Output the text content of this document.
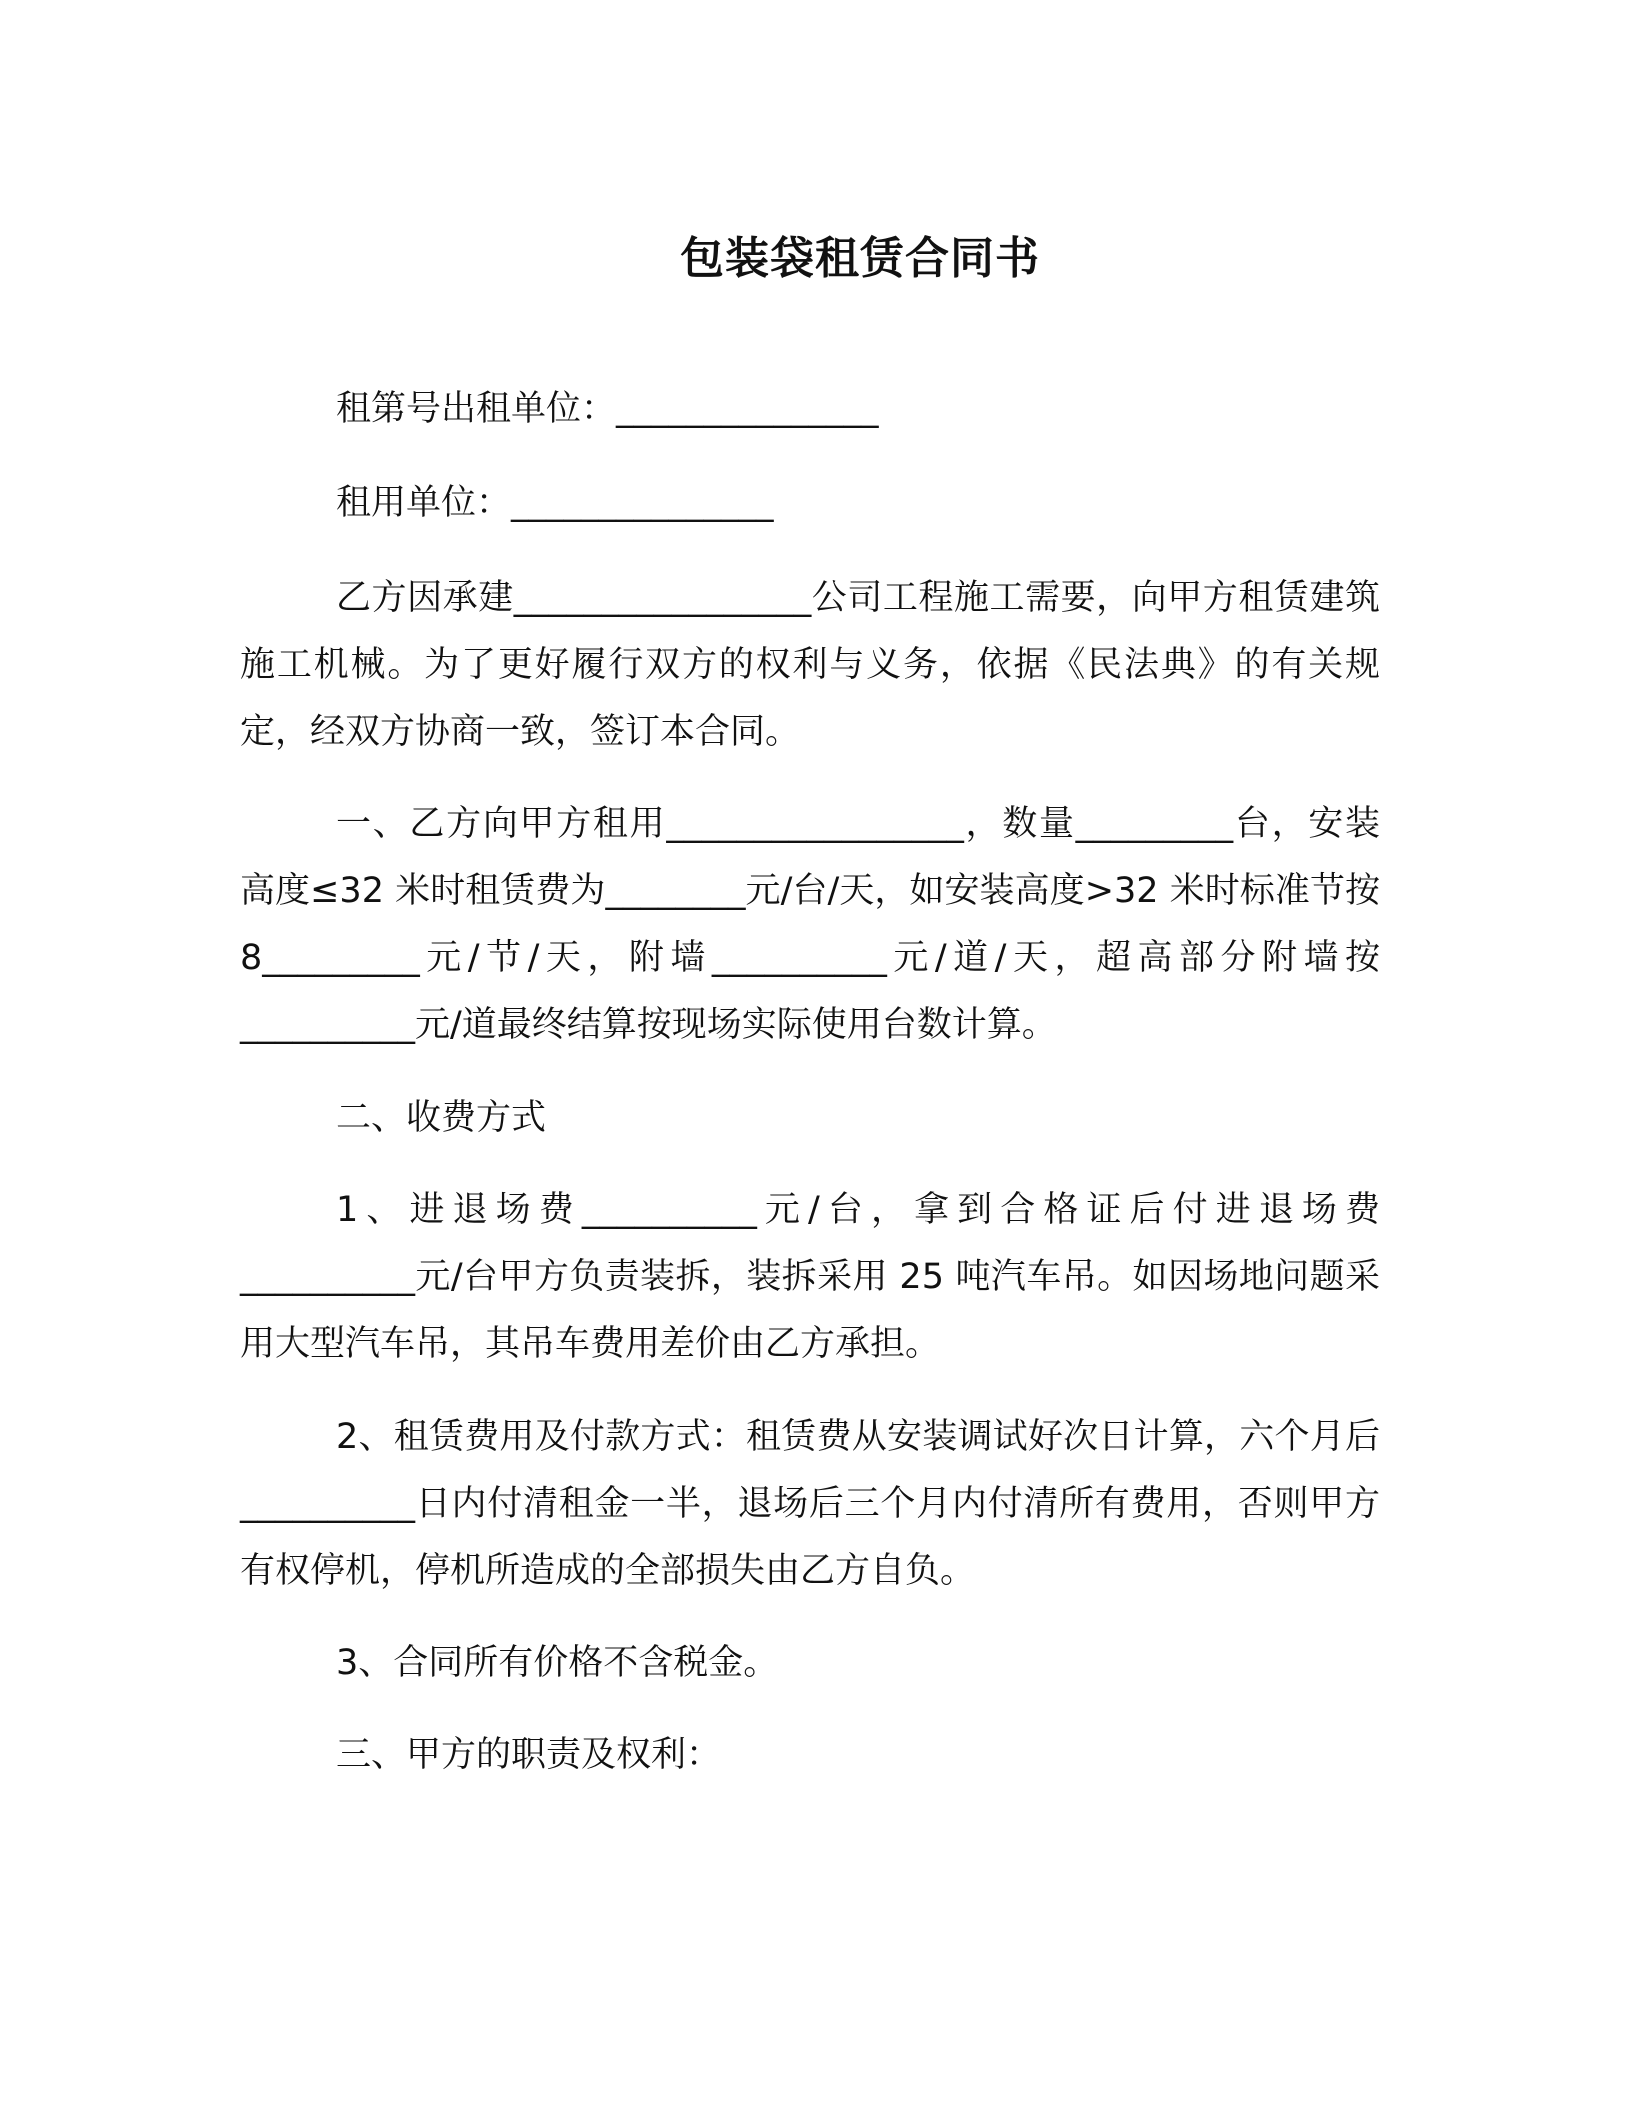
包装袋租赁合同书

租第号出租单位：_______________

租用单位：_______________

乙方因承建_________________公司工程施工需要，向甲方租赁建筑施工机械。为了更好履行双方的权利与义务，依据《民法典》的有关规定，经双方协商一致，签订本合同。

一、乙方向甲方租用_________________，数量_________台，安装高度≤32 米时租赁费为________元/台/天，如安装高度>32 米时标准节按 8_________元/节/天，附墙__________元/道/天，超高部分附墙按__________元/道最终结算按现场实际使用台数计算。

二、收费方式

1、进退场费__________元/台，拿到合格证后付进退场费__________元/台甲方负责装拆，装拆采用 25 吨汽车吊。如因场地问题采用大型汽车吊，其吊车费用差价由乙方承担。

2、租赁费用及付款方式：租赁费从安装调试好次日计算，六个月后__________日内付清租金一半，退场后三个月内付清所有费用，否则甲方有权停机，停机所造成的全部损失由乙方自负。

3、合同所有价格不含税金。

三、甲方的职责及权利：
